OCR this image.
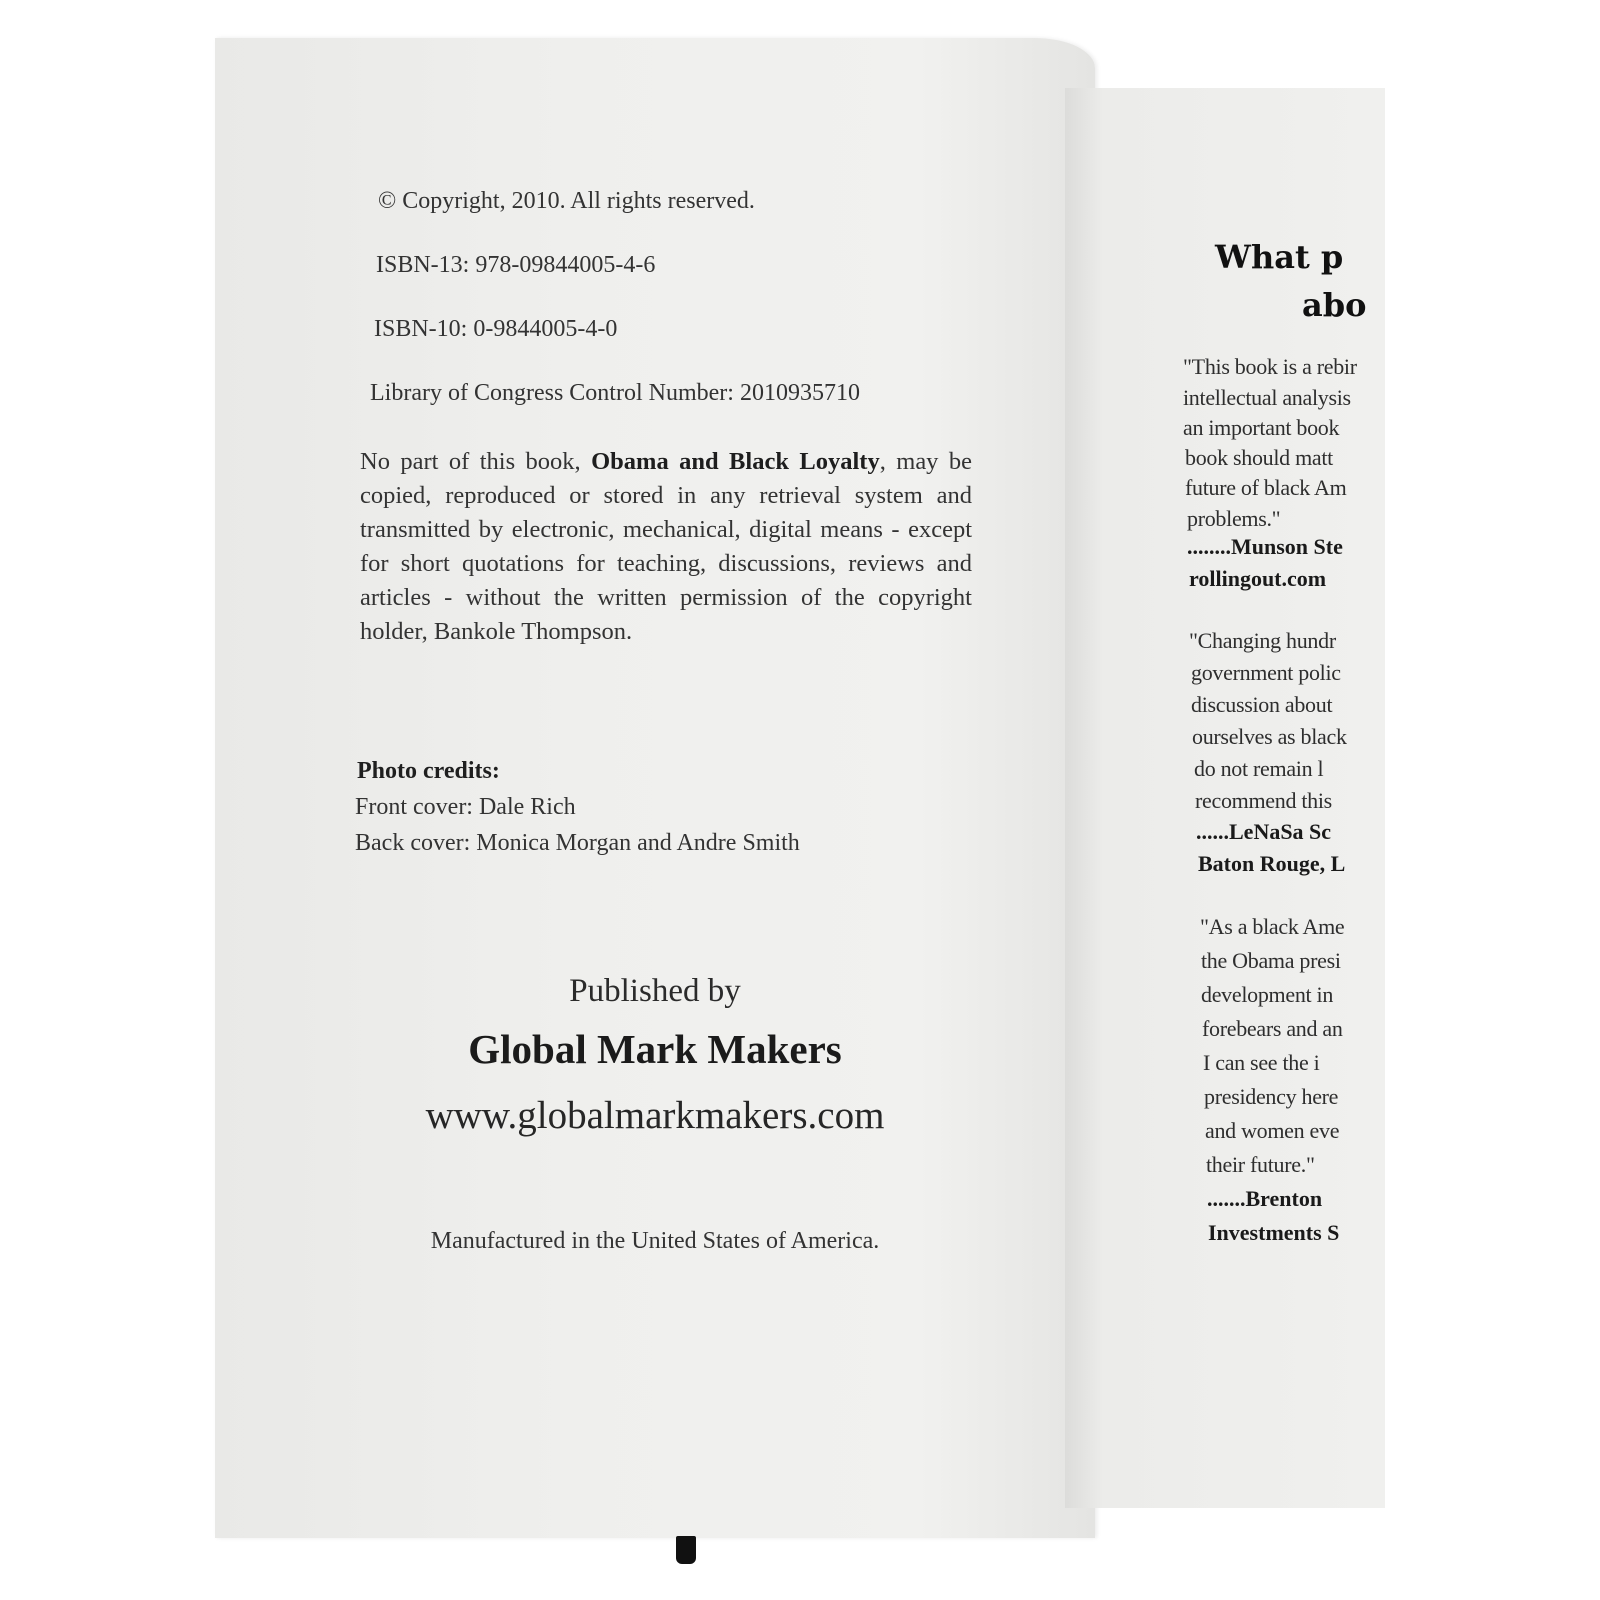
What p
abo
"This book is a rebir
intellectual analysis
an important book
book should matt
future of black Am
problems."
........Munson Ste
rollingout.com
"Changing hundr
government polic
discussion about
ourselves as black
do not remain l
recommend this
......LeNaSa Sc
Baton Rouge, L
"As a black Ame
the Obama presi
development in
forebears and an
I can see the i
presidency here
and women eve
their future."
.......Brenton
Investments S
© Copyright, 2010. All rights reserved.
ISBN-13: 978-09844005-4-6
ISBN-10: 0-9844005-4-0
Library of Congress Control Number: 2010935710
No part of this book, Obama and Black Loyalty, may be copied, reproduced or stored in any retrieval system and transmitted by electronic, mechanical, digital means - except for short quotations for teaching, discussions, reviews and articles - without the written permission of the copyright holder, Bankole Thompson.
Photo credits:
Front cover: Dale Rich
Back cover: Monica Morgan and Andre Smith
Published by
Global Mark Makers
www.globalmarkmakers.com
Manufactured in the United States of America.
